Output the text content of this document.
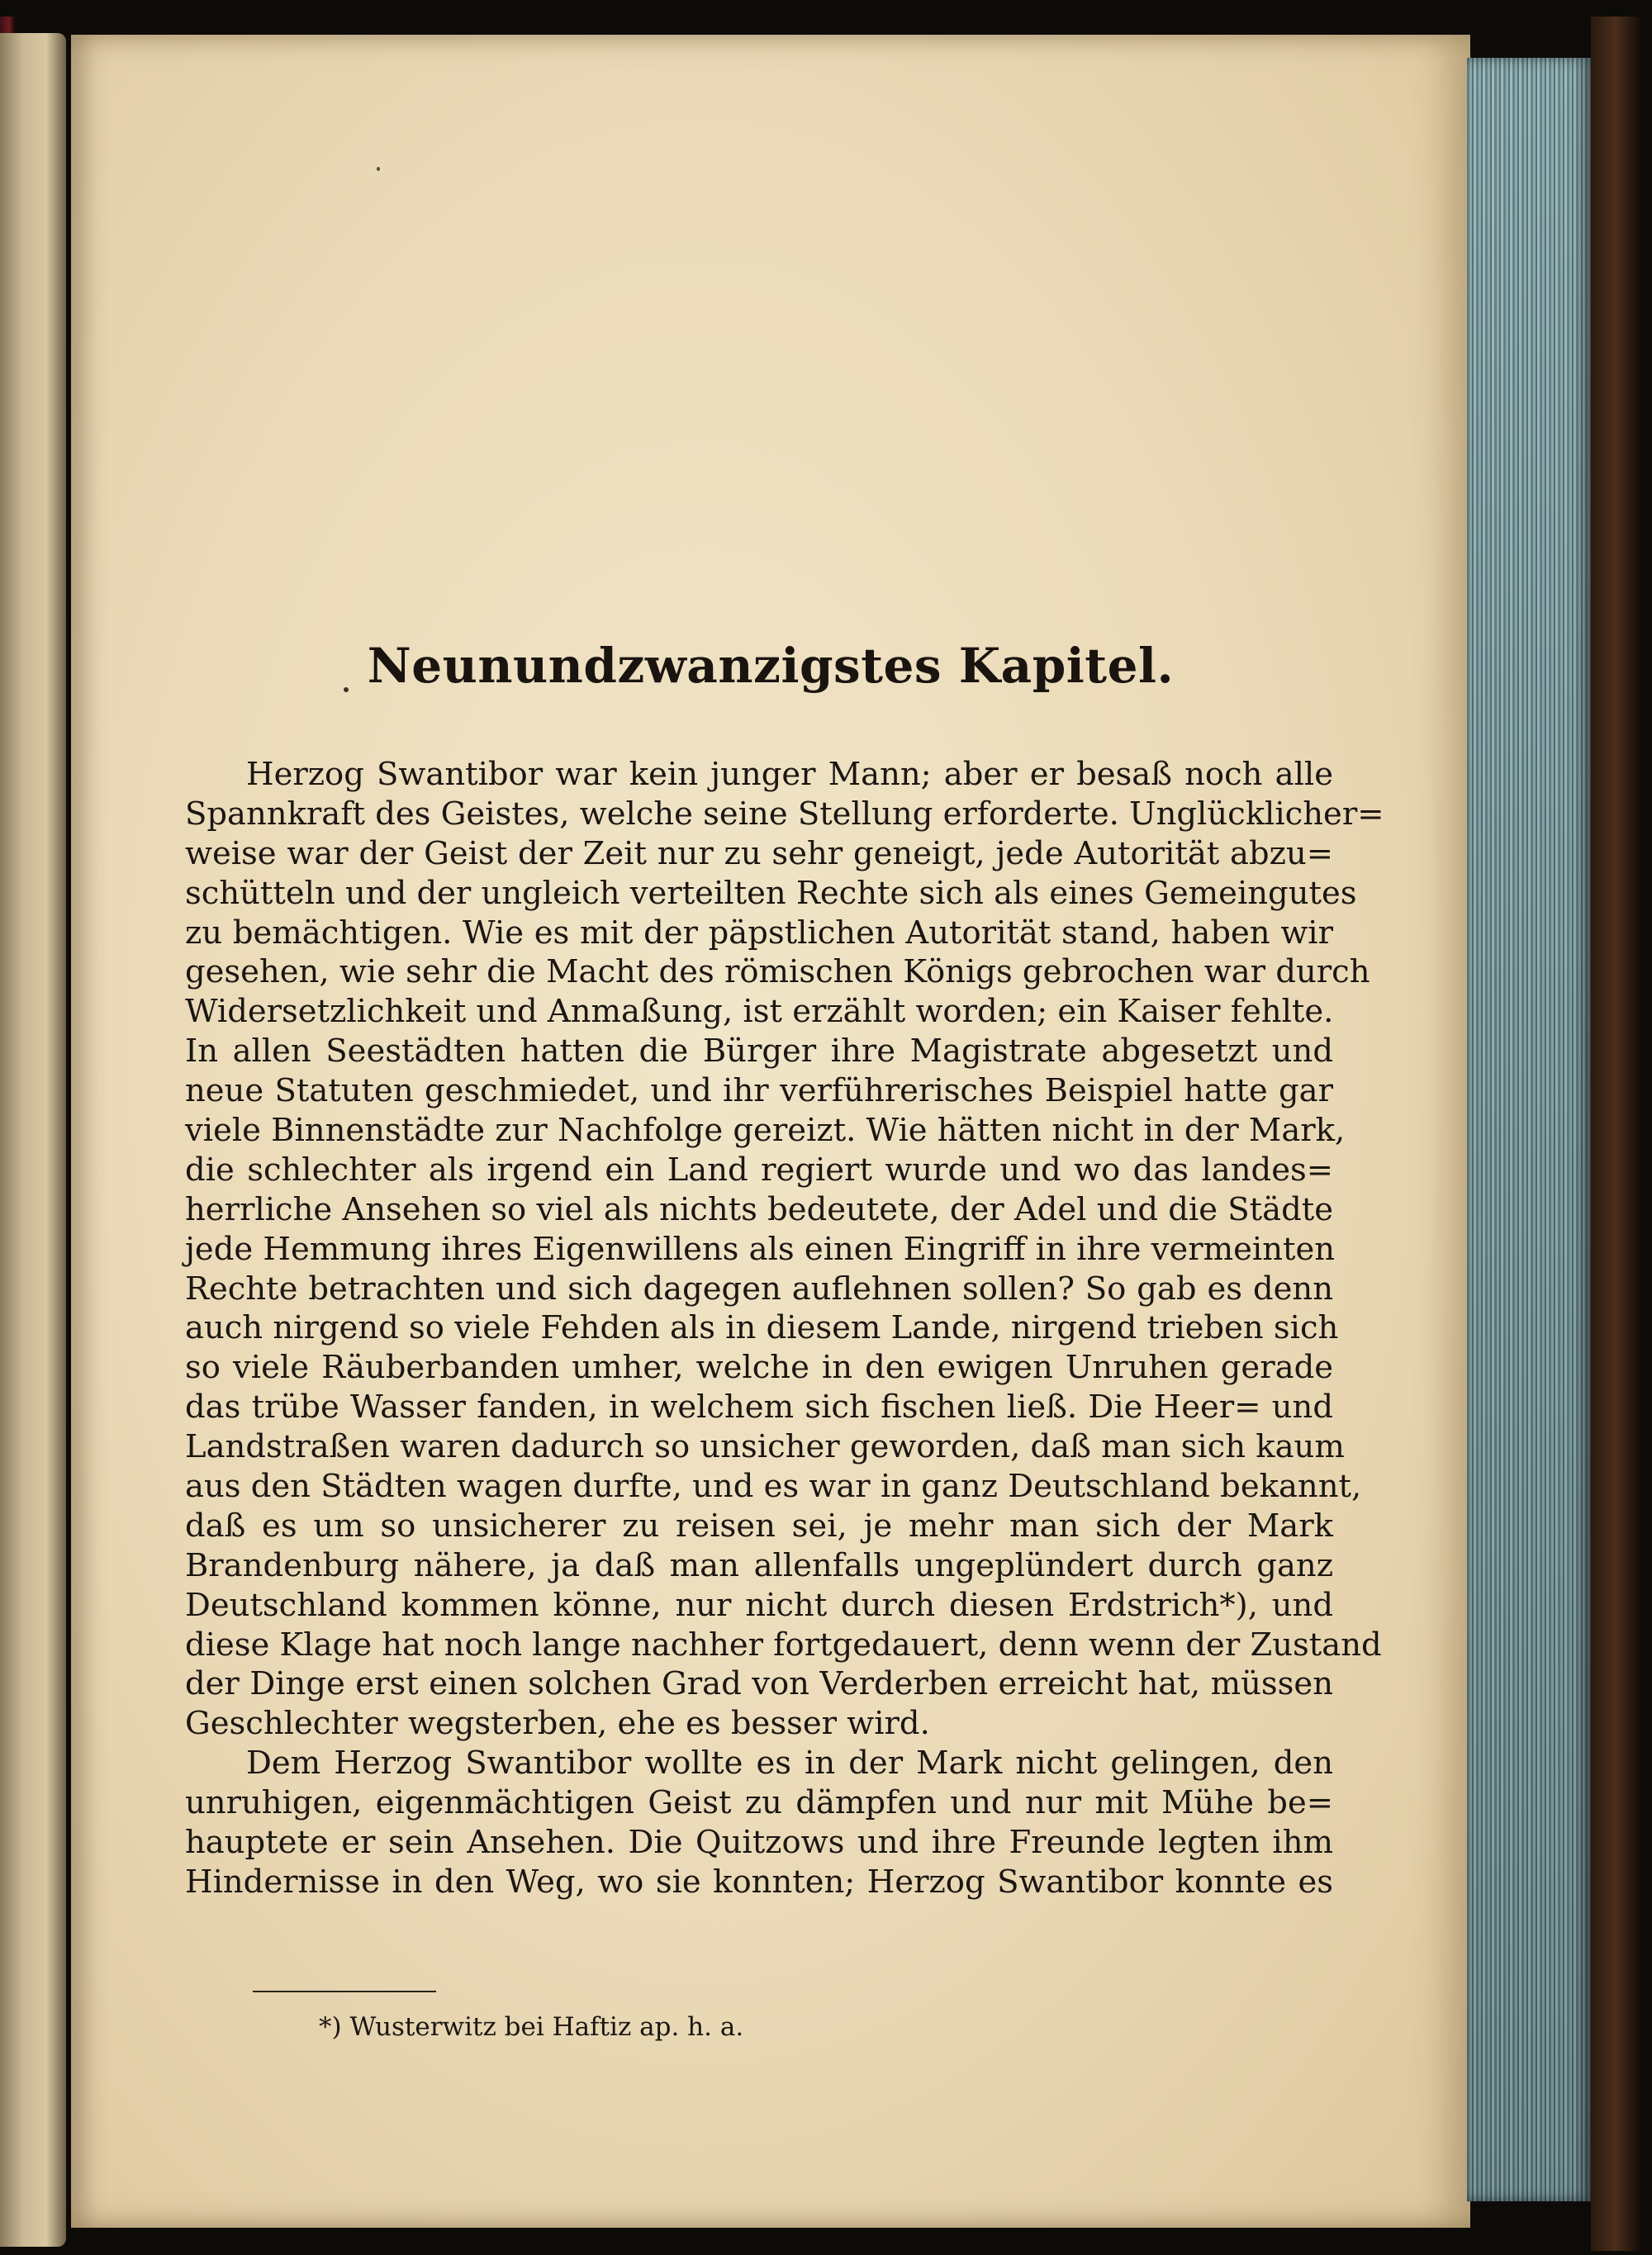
Neunundzwanzigstes Kapitel.
Herzog Swantibor war kein junger Mann; aber er besaß noch alle
Spannkraft des Geistes, welche seine Stellung erforderte. Unglücklicher=
weise war der Geist der Zeit nur zu sehr geneigt, jede Autorität abzu=
schütteln und der ungleich verteilten Rechte sich als eines Gemeingutes
zu bemächtigen. Wie es mit der päpstlichen Autorität stand, haben wir
gesehen, wie sehr die Macht des römischen Königs gebrochen war durch
Widersetzlichkeit und Anmaßung, ist erzählt worden; ein Kaiser fehlte.
In allen Seestädten hatten die Bürger ihre Magistrate abgesetzt und
neue Statuten geschmiedet, und ihr verführerisches Beispiel hatte gar
viele Binnenstädte zur Nachfolge gereizt. Wie hätten nicht in der Mark,
die schlechter als irgend ein Land regiert wurde und wo das landes=
herrliche Ansehen so viel als nichts bedeutete, der Adel und die Städte
jede Hemmung ihres Eigenwillens als einen Eingriff in ihre vermeinten
Rechte betrachten und sich dagegen auflehnen sollen? So gab es denn
auch nirgend so viele Fehden als in diesem Lande, nirgend trieben sich
so viele Räuberbanden umher, welche in den ewigen Unruhen gerade
das trübe Wasser fanden, in welchem sich fischen ließ. Die Heer= und
Landstraßen waren dadurch so unsicher geworden, daß man sich kaum
aus den Städten wagen durfte, und es war in ganz Deutschland bekannt,
daß es um so unsicherer zu reisen sei, je mehr man sich der Mark
Brandenburg nähere, ja daß man allenfalls ungeplündert durch ganz
Deutschland kommen könne, nur nicht durch diesen Erdstrich*), und
diese Klage hat noch lange nachher fortgedauert, denn wenn der Zustand
der Dinge erst einen solchen Grad von Verderben erreicht hat, müssen
Geschlechter wegsterben, ehe es besser wird.
Dem Herzog Swantibor wollte es in der Mark nicht gelingen, den
unruhigen, eigenmächtigen Geist zu dämpfen und nur mit Mühe be=
hauptete er sein Ansehen. Die Quitzows und ihre Freunde legten ihm
Hindernisse in den Weg, wo sie konnten; Herzog Swantibor konnte es
*) Wusterwitz bei Haftiz ap. h. a.
